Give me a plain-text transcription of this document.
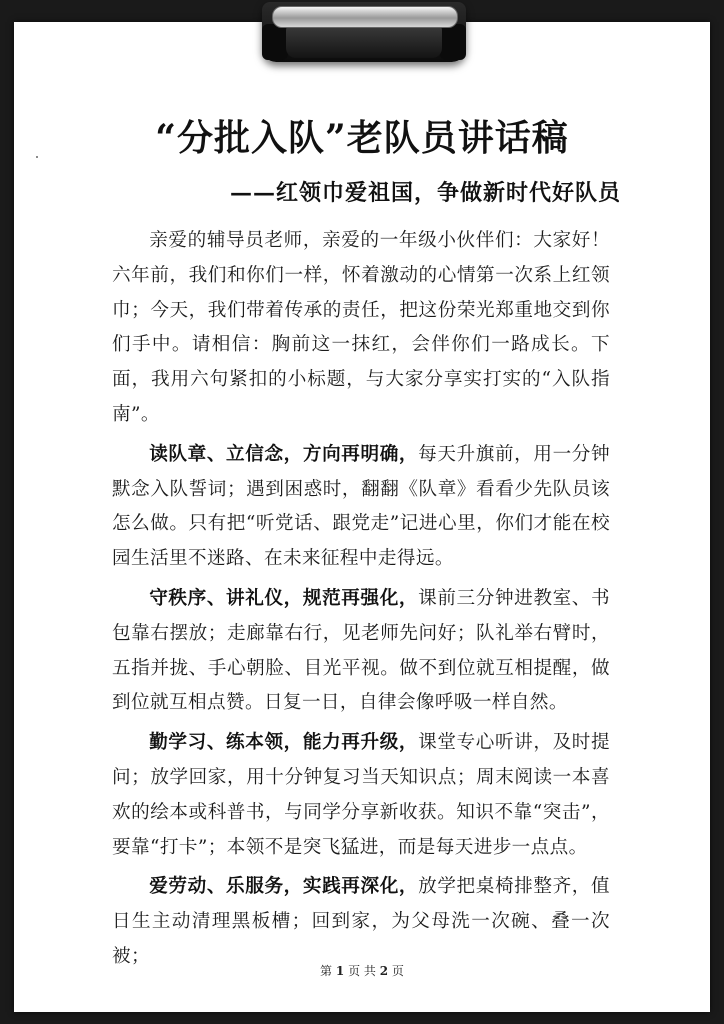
“分批入队”老队员讲话稿
——红领巾爱祖国，争做新时代好队员

亲爱的辅导员老师，亲爱的一年级小伙伴们：大家好！六年前，我们和你们一样，怀着激动的心情第一次系上红领巾；今天，我们带着传承的责任，把这份荣光郑重地交到你们手中。请相信：胸前这一抹红，会伴你们一路成长。下面，我用六句紧扣的小标题，与大家分享实打实的“入队指南”。

读队章、立信念，方向再明确，每天升旗前，用一分钟默念入队誓词；遇到困惑时，翻翻《队章》看看少先队员该怎么做。只有把“听党话、跟党走”记进心里，你们才能在校园生活里不迷路、在未来征程中走得远。

守秩序、讲礼仪，规范再强化，课前三分钟进教室、书包靠右摆放；走廊靠右行，见老师先问好；队礼举右臂时，五指并拢、手心朝脸、目光平视。做不到位就互相提醒，做到位就互相点赞。日复一日，自律会像呼吸一样自然。

勤学习、练本领，能力再升级，课堂专心听讲，及时提问；放学回家，用十分钟复习当天知识点；周末阅读一本喜欢的绘本或科普书，与同学分享新收获。知识不靠“突击”，要靠“打卡”；本领不是突飞猛进，而是每天进步一点点。

爱劳动、乐服务，实践再深化，放学把桌椅排整齐，值日生主动清理黑板槽；回到家，为父母洗一次碗、叠一次被；

第 1 页 共 2 页
